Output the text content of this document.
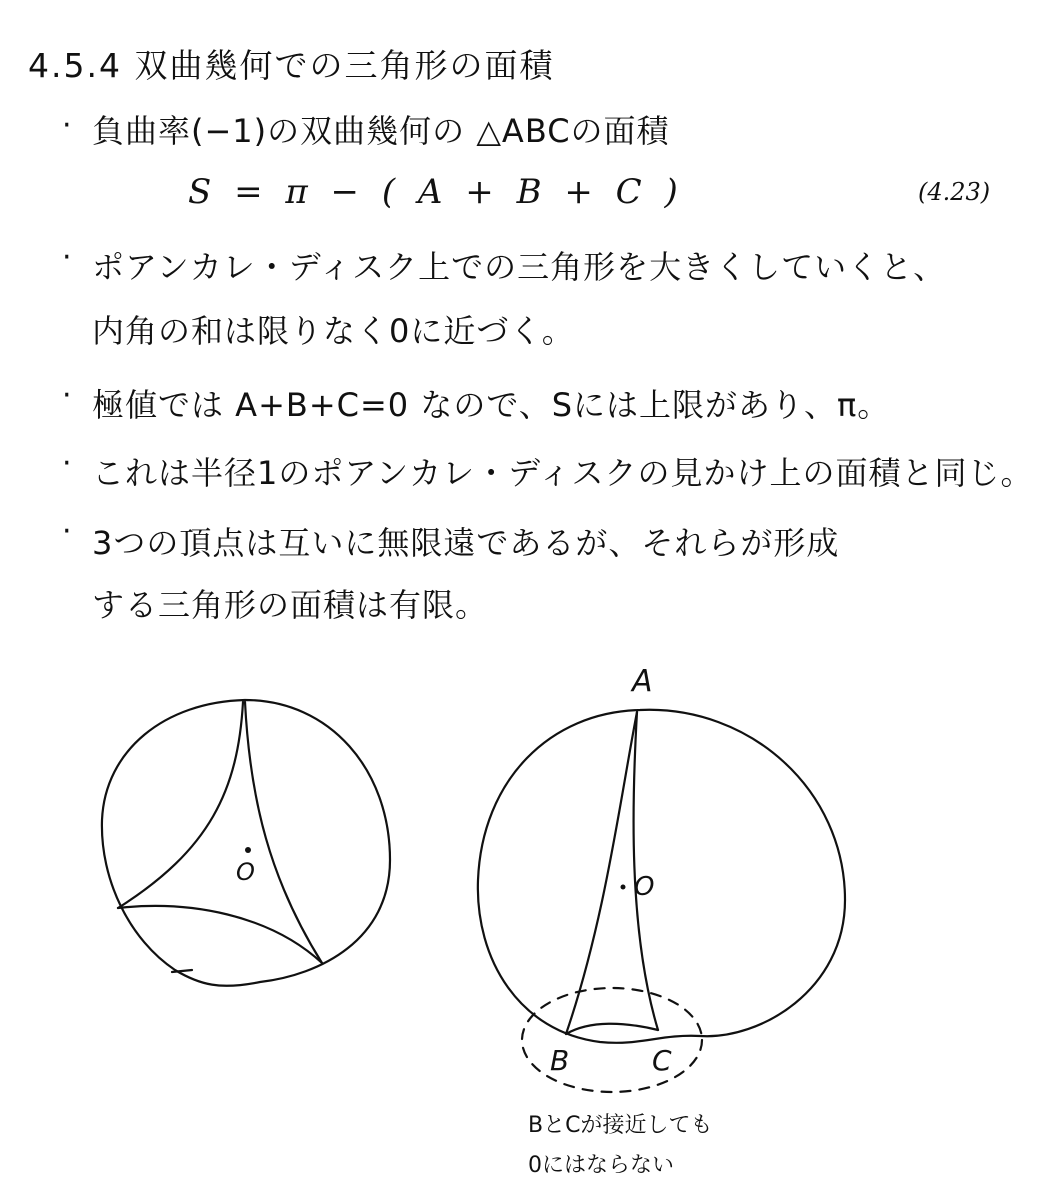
4.5.4 双曲幾何での三角形の面積
· 負曲率(−1)の双曲幾何の △ABCの面積
S = π − ( A + B + C )	(4.23)
· ポアンカレ・ディスク上での三角形を大きくしていくと、
内角の和は限りなく0に近づく。
· 極値では A+B+C=0 なので、Sには上限があり、π。
· これは半径1のポアンカレ・ディスクの見かけ上の面積と同じ。
· 3つの頂点は互いに無限遠であるが、それらが形成
する三角形の面積は有限。
O
A
O
B	C
BとCが接近しても
0にはならない
